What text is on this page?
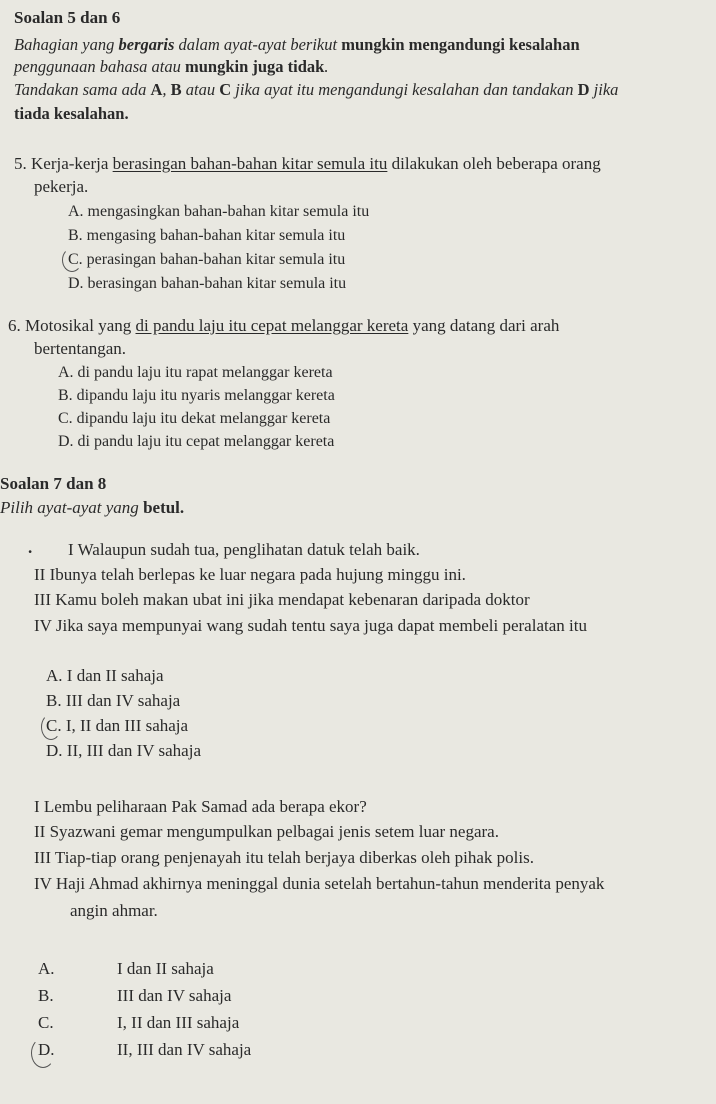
Soalan 5 dan 6
Bahagian yang bergaris dalam ayat-ayat berikut mungkin mengandungi kesalahan
penggunaan bahasa atau mungkin juga tidak.
Tandakan sama ada A, B atau C jika ayat itu mengandungi kesalahan dan tandakan D jika
tiada kesalahan.
5. Kerja-kerja berasingan bahan-bahan kitar semula itu dilakukan oleh beberapa orang
pekerja.
A. mengasingkan bahan-bahan kitar semula itu
B. mengasing bahan-bahan kitar semula itu
C. perasingan bahan-bahan kitar semula itu
D. berasingan bahan-bahan kitar semula itu
6. Motosikal yang di pandu laju itu cepat melanggar kereta yang datang dari arah
bertentangan.
A. di pandu laju itu rapat melanggar kereta
B. dipandu laju itu nyaris melanggar kereta
C. dipandu laju itu dekat melanggar kereta
D. di pandu laju itu cepat melanggar kereta
Soalan 7 dan 8
Pilih ayat-ayat yang betul.
. I Walaupun sudah tua, penglihatan datuk telah baik.
II Ibunya telah berlepas ke luar negara pada hujung minggu ini.
III Kamu boleh makan ubat ini jika mendapat kebenaran daripada doktor
IV Jika saya mempunyai wang sudah tentu saya juga dapat membeli peralatan itu
A. I dan II sahaja
B. III dan IV sahaja
C. I, II dan III sahaja
D. II, III dan IV sahaja
I Lembu peliharaan Pak Samad ada berapa ekor?
II Syazwani gemar mengumpulkan pelbagai jenis setem luar negara.
III Tiap-tiap orang penjenayah itu telah berjaya diberkas oleh pihak polis.
IV Haji Ahmad akhirnya meninggal dunia setelah bertahun-tahun menderita penyak
angin ahmar.
A.	I dan II sahaja
B.	III dan IV sahaja
C.	I, II dan III sahaja
D.	II, III dan IV sahaja
